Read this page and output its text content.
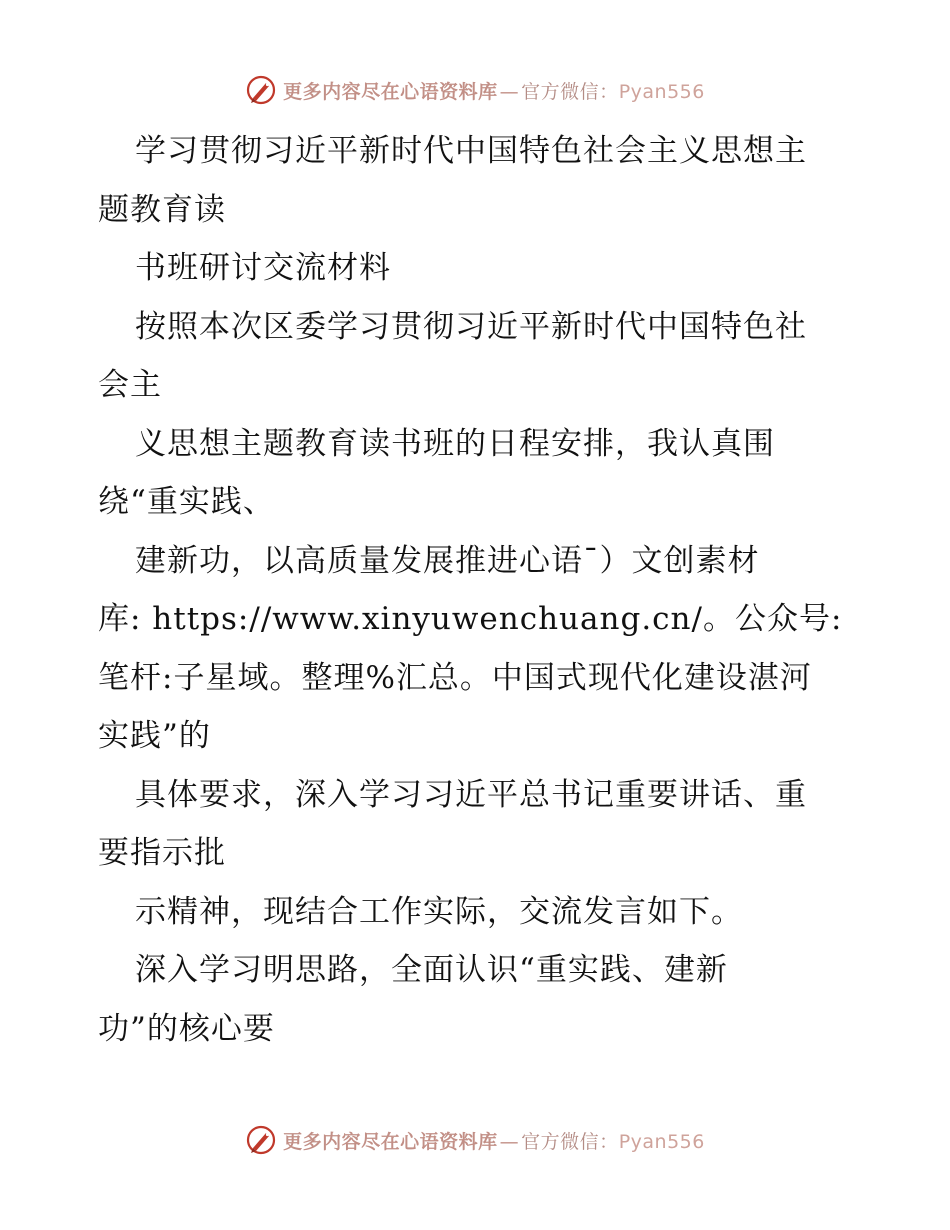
更多内容尽在心语资料库 — 官方微信：Pyan556
学习贯彻习近平新时代中国特色社会主义思想主
题教育读
书班研讨交流材料
按照本次区委学习贯彻习近平新时代中国特色社
会主
义思想主题教育读书班的日程安排，我认真围
绕“重实践、
建新功，以高质量发展推进心语¯）文创素材
库: https://www.xinyuwenchuang.cn/。公众号:
笔杆:子星域。整理%汇总。中国式现代化建设湛河
实践”的
具体要求，深入学习习近平总书记重要讲话、重
要指示批
示精神，现结合工作实际，交流发言如下。
深入学习明思路，全面认识“重实践、建新
功”的核心要
更多内容尽在心语资料库 — 官方微信：Pyan556
